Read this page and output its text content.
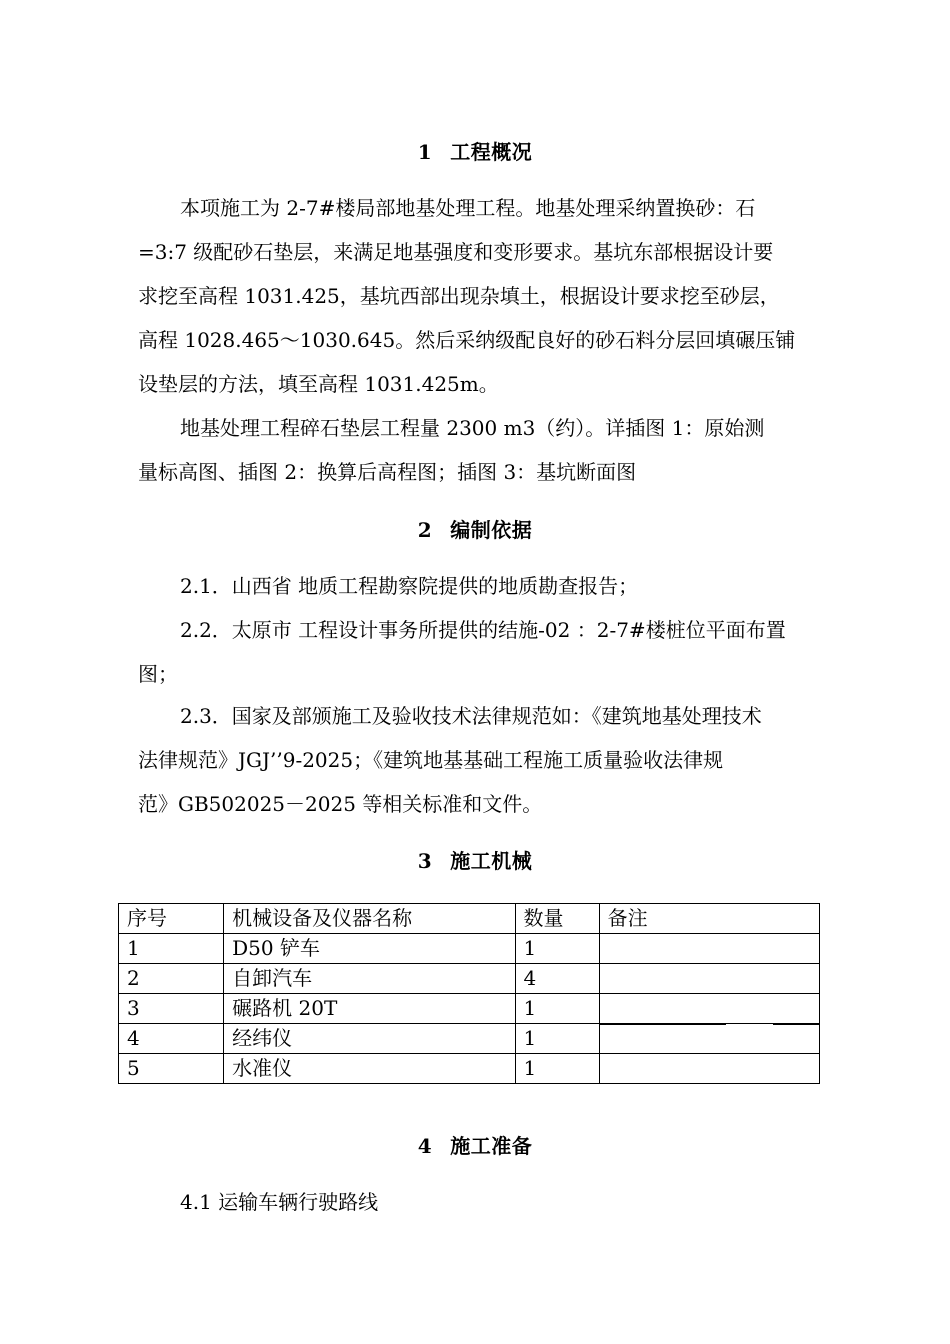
1 工程概况
本项施工为 2-7#楼局部地基处理工程。地基处理采纳置换砂：石
=3:7 级配砂石垫层，来满足地基强度和变形要求。基坑东部根据设计要
求挖至高程 1031.425，基坑西部出现杂填土，根据设计要求挖至砂层，
高程 1028.465～1030.645。然后采纳级配良好的砂石料分层回填碾压铺
设垫层的方法，填至高程 1031.425m。
地基处理工程碎石垫层工程量 2300 m3（约）。详插图 1：原始测
量标高图、插图 2：换算后高程图；插图 3：基坑断面图
2 编制依据
2.1．山西省 地质工程勘察院提供的地质勘查报告；
2.2．太原市 工程设计事务所提供的结施-02 ：2-7#楼桩位平面布置
图；
2.3．国家及部颁施工及验收技术法律规范如：《建筑地基处理技术
法律规范》JGJ’’9-2025；《建筑地基基础工程施工质量验收法律规
范》GB502025－2025 等相关标准和文件。
3 施工机械
序号	机械设备及仪器名称	数量	备注
1	D50 铲车	1	
2	自卸汽车	4	
3	碾路机 20T	1	
4	经纬仪	1	
5	水准仪	1	
4 施工准备
4.1 运输车辆行驶路线
